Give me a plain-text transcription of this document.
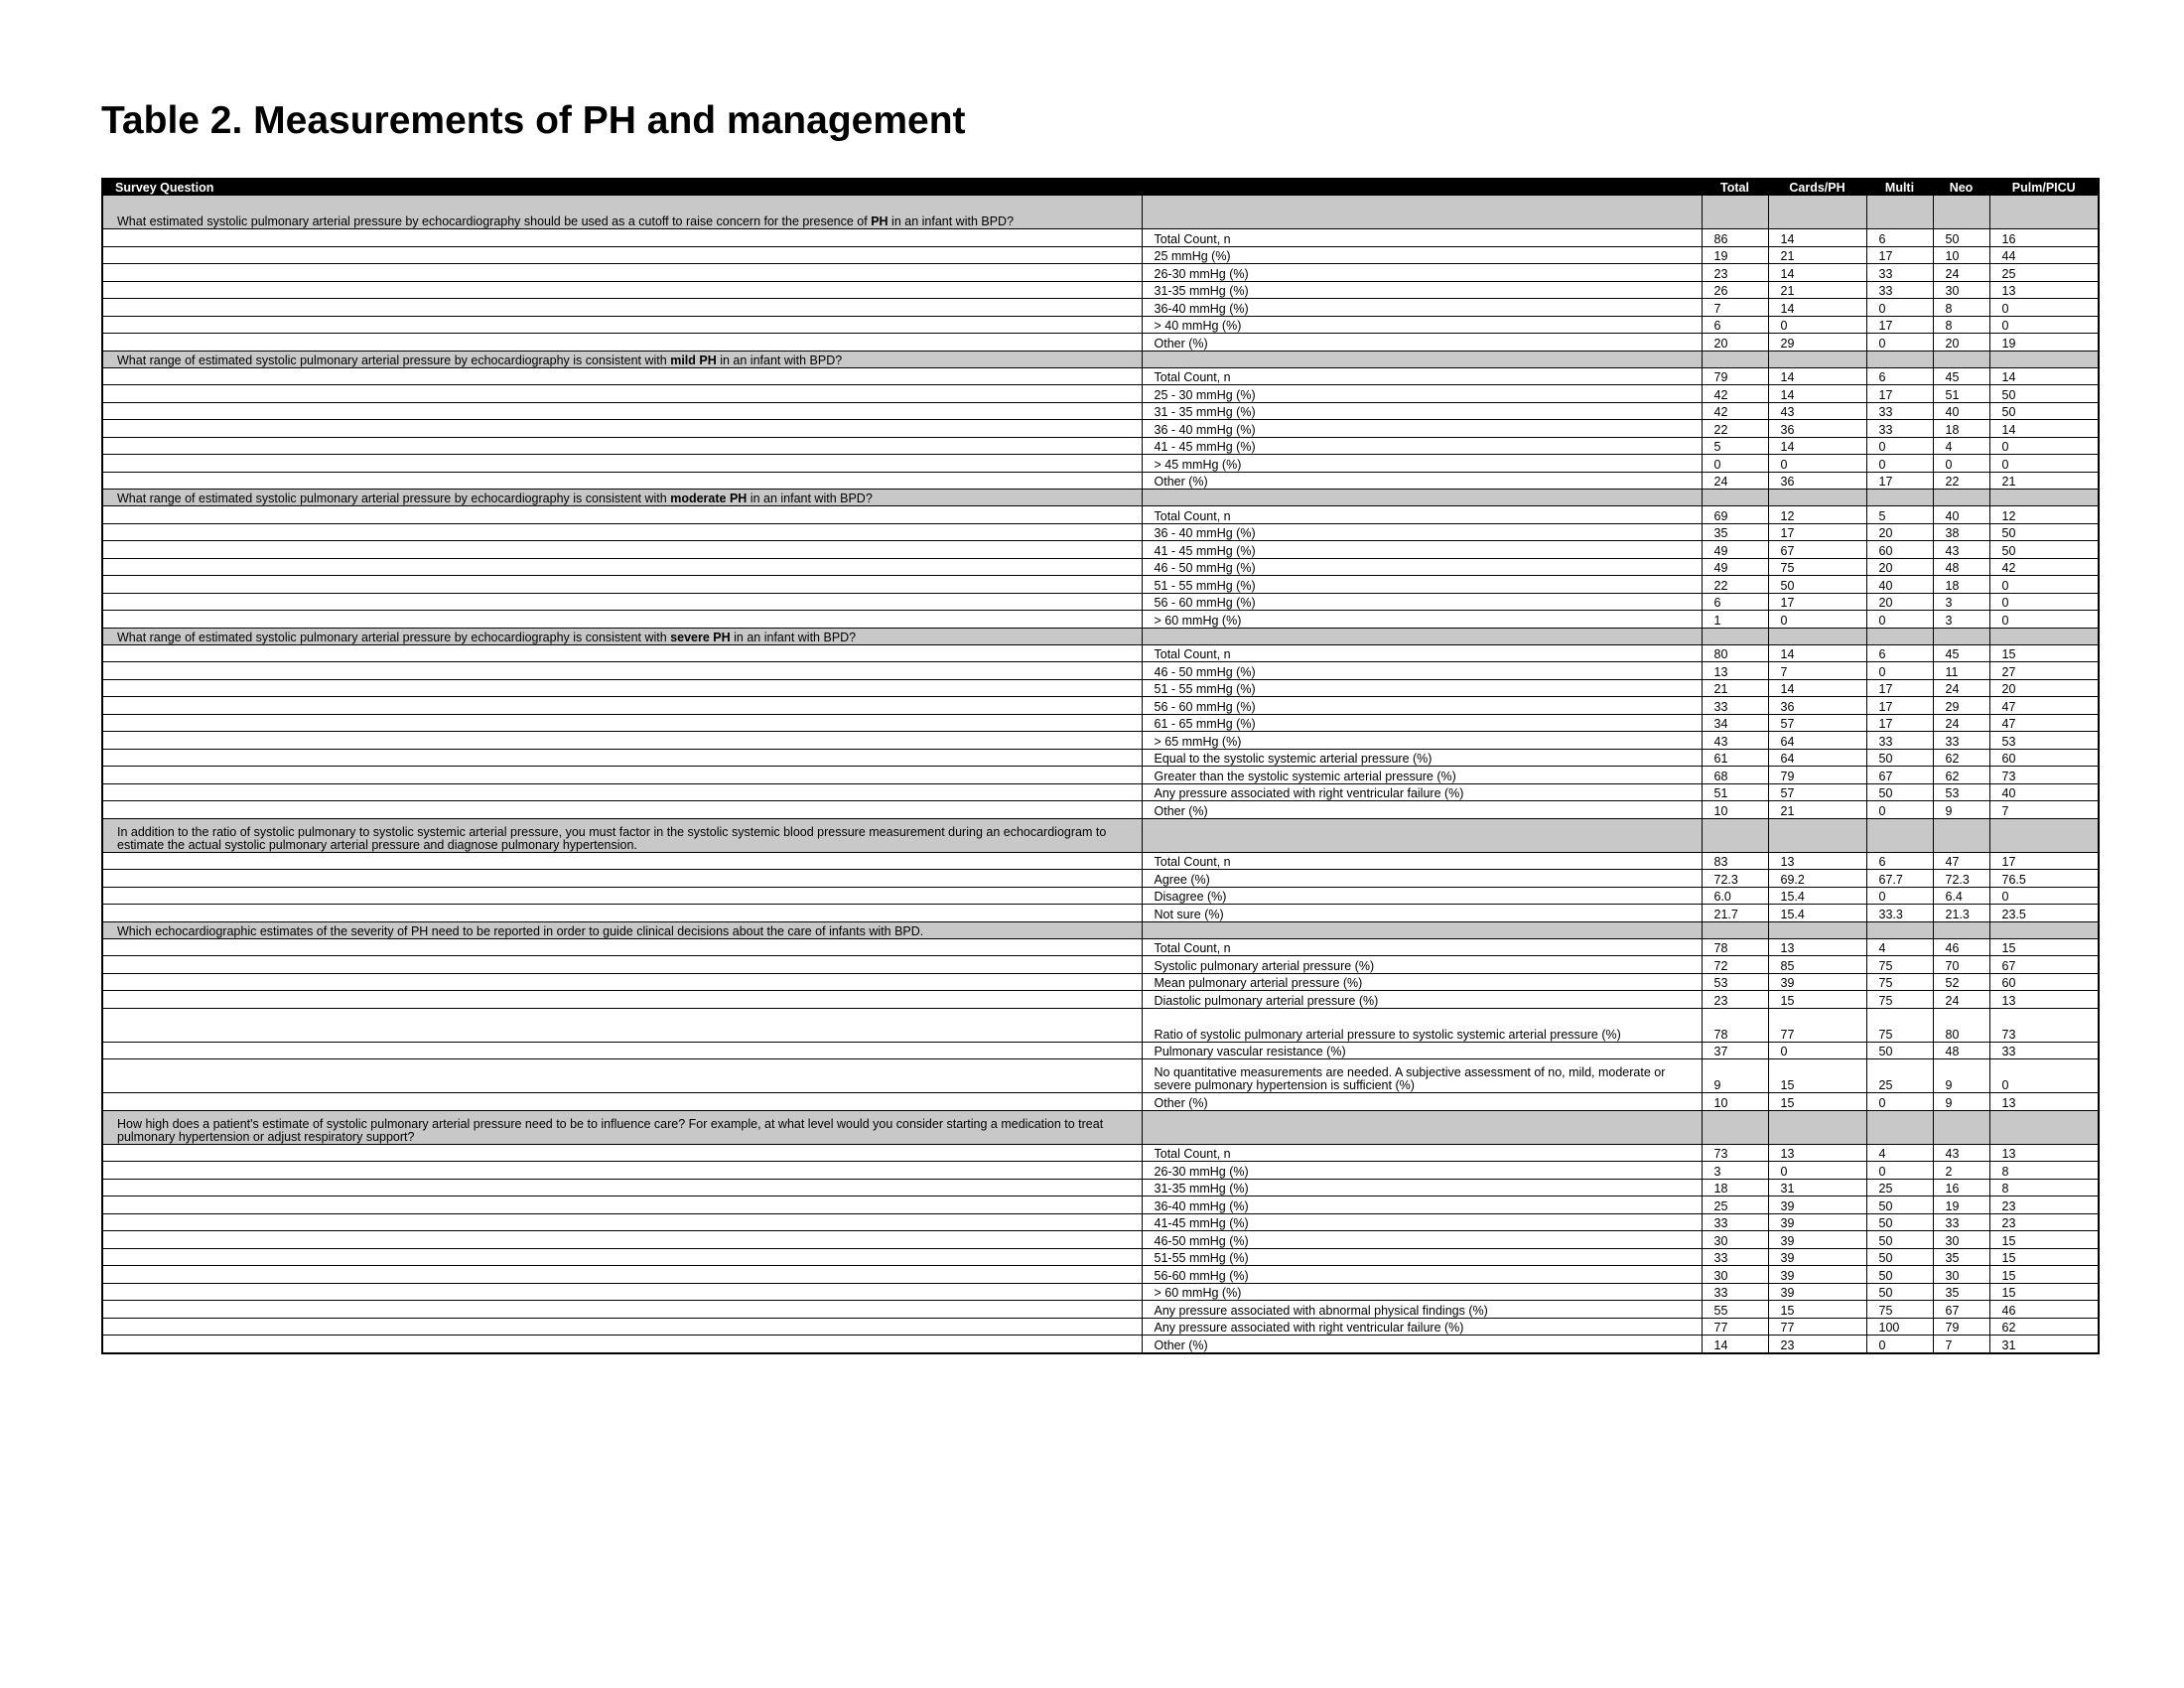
Table 2. Measurements of PH and management
Survey Question		Total	Cards/PH	Multi	Neo	Pulm/PICU
What estimated systolic pulmonary arterial pressure by echocardiography should be used as a cutoff to raise concern for the presence of PH in an infant with BPD?						
	Total Count, n	86	14	6	50	16
	25 mmHg (%)	19	21	17	10	44
	26-30 mmHg (%)	23	14	33	24	25
	31-35 mmHg (%)	26	21	33	30	13
	36-40 mmHg (%)	7	14	0	8	0
	> 40 mmHg (%)	6	0	17	8	0
	Other (%)	20	29	0	20	19
What range of estimated systolic pulmonary arterial pressure by echocardiography is consistent with mild PH in an infant with BPD?						
	Total Count, n	79	14	6	45	14
	25 - 30 mmHg (%)	42	14	17	51	50
	31 - 35 mmHg (%)	42	43	33	40	50
	36 - 40 mmHg (%)	22	36	33	18	14
	41 - 45 mmHg (%)	5	14	0	4	0
	> 45 mmHg (%)	0	0	0	0	0
	Other (%)	24	36	17	22	21
What range of estimated systolic pulmonary arterial pressure by echocardiography is consistent with moderate PH in an infant with BPD?						
	Total Count, n	69	12	5	40	12
	36 - 40 mmHg (%)	35	17	20	38	50
	41 - 45 mmHg (%)	49	67	60	43	50
	46 - 50 mmHg (%)	49	75	20	48	42
	51 - 55 mmHg (%)	22	50	40	18	0
	56 - 60 mmHg (%)	6	17	20	3	0
	> 60 mmHg (%)	1	0	0	3	0
What range of estimated systolic pulmonary arterial pressure by echocardiography is consistent with severe PH in an infant with BPD?						
	Total Count, n	80	14	6	45	15
	46 - 50 mmHg (%)	13	7	0	11	27
	51 - 55 mmHg (%)	21	14	17	24	20
	56 - 60 mmHg (%)	33	36	17	29	47
	61 - 65 mmHg (%)	34	57	17	24	47
	> 65 mmHg (%)	43	64	33	33	53
	Equal to the systolic systemic arterial pressure (%)	61	64	50	62	60
	Greater than the systolic systemic arterial pressure (%)	68	79	67	62	73
	Any pressure associated with right ventricular failure (%)	51	57	50	53	40
	Other (%)	10	21	0	9	7
In addition to the ratio of systolic pulmonary to systolic systemic arterial pressure, you must factor in the systolic systemic blood pressure measurement during an echocardiogram to estimate the actual systolic pulmonary arterial pressure and diagnose pulmonary hypertension.						
	Total Count, n	83	13	6	47	17
	Agree (%)	72.3	69.2	67.7	72.3	76.5
	Disagree (%)	6.0	15.4	0	6.4	0
	Not sure (%)	21.7	15.4	33.3	21.3	23.5
Which echocardiographic estimates of the severity of PH need to be reported in order to guide clinical decisions about the care of infants with BPD.						
	Total Count, n	78	13	4	46	15
	Systolic pulmonary arterial pressure (%)	72	85	75	70	67
	Mean pulmonary arterial pressure (%)	53	39	75	52	60
	Diastolic pulmonary arterial pressure (%)	23	15	75	24	13
	Ratio of systolic pulmonary arterial pressure to systolic systemic arterial pressure (%)	78	77	75	80	73
	Pulmonary vascular resistance (%)	37	0	50	48	33
	No quantitative measurements are needed. A subjective assessment of no, mild, moderate or severe pulmonary hypertension is sufficient (%)	9	15	25	9	0
	Other (%)	10	15	0	9	13
How high does a patient's estimate of systolic pulmonary arterial pressure need to be to influence care? For example, at what level would you consider starting a medication to treat pulmonary hypertension or adjust respiratory support?						
	Total Count, n	73	13	4	43	13
	26-30 mmHg (%)	3	0	0	2	8
	31-35 mmHg (%)	18	31	25	16	8
	36-40 mmHg (%)	25	39	50	19	23
	41-45 mmHg (%)	33	39	50	33	23
	46-50 mmHg (%)	30	39	50	30	15
	51-55 mmHg (%)	33	39	50	35	15
	56-60 mmHg (%)	30	39	50	30	15
	> 60 mmHg (%)	33	39	50	35	15
	Any pressure associated with abnormal physical findings (%)	55	15	75	67	46
	Any pressure associated with right ventricular failure (%)	77	77	100	79	62
	Other (%)	14	23	0	7	31
